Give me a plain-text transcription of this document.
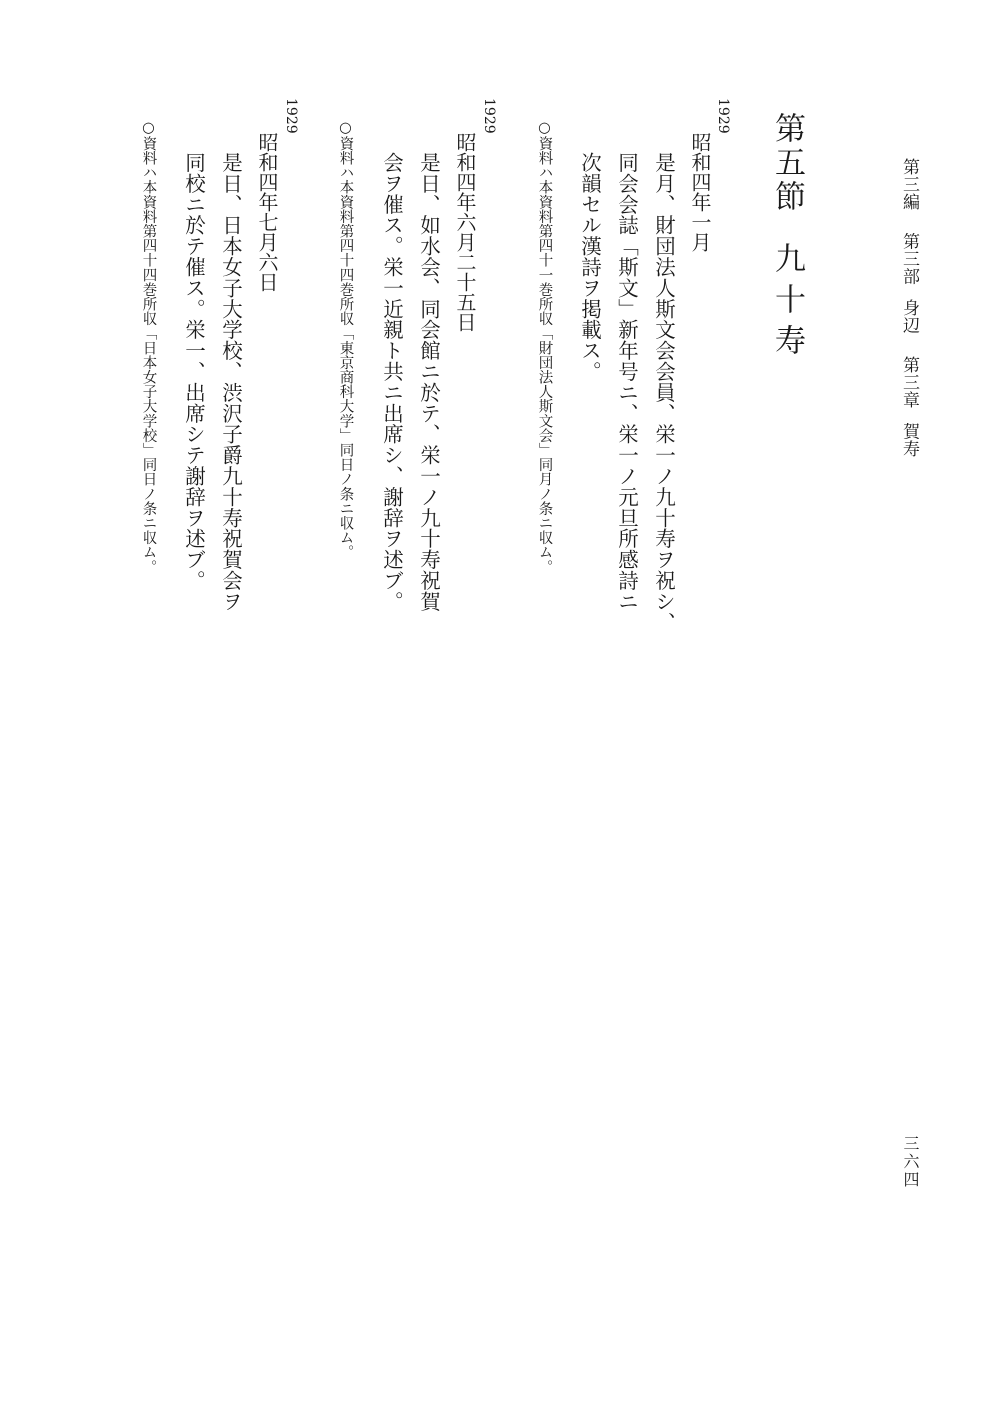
第三編第三部身辺第三章賀寿
第五節九十寿
1929
昭和四年一月
是月、財団法人斯文会会員、栄一ノ九十寿ヲ祝シ、
同会会誌「斯文」新年号ニ、栄一ノ元旦所感詩ニ
次韻セル漢詩ヲ掲載ス。
○資料ハ本資料第四十一巻所収「財団法人斯文会」同月ノ条ニ収ム。
1929
昭和四年六月二十五日
是日、如水会、同会館ニ於テ、栄一ノ九十寿祝賀
会ヲ催ス。栄一近親ト共ニ出席シ、謝辞ヲ述ブ。
○資料ハ本資料第四十四巻所収「東京商科大学」同日ノ条ニ収ム。
1929
昭和四年七月六日
是日、日本女子大学校、渋沢子爵九十寿祝賀会ヲ
同校ニ於テ催ス。栄一、出席シテ謝辞ヲ述ブ。
○資料ハ本資料第四十四巻所収「日本女子大学校」同日ノ条ニ収ム。
三六四
